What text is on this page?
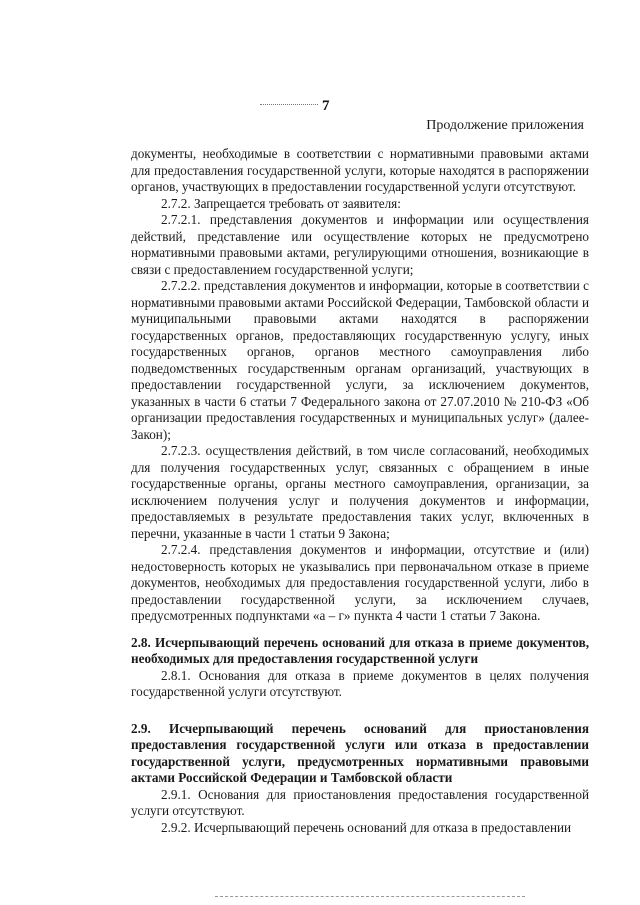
7
Продолжение приложения

документы, необходимые в соответствии с нормативными правовыми актами для предоставления государственной услуги, которые находятся в распоряжении органов, участвующих в предоставлении государственной услуги отсутствуют.

2.7.2. Запрещается требовать от заявителя:

2.7.2.1. представления документов и информации или осуществления действий, представление или осуществление которых не предусмотрено нормативными правовыми актами, регулирующими отношения, возникающие в связи с предоставлением государственной услуги;

2.7.2.2. представления документов и информации, которые в соответствии с нормативными правовыми актами Российской Федерации, Тамбовской области и муниципальными правовыми актами находятся в распоряжении государственных органов, предоставляющих государственную услугу, иных государственных органов, органов местного самоуправления либо подведомственных государственным органам организаций, участвующих в предоставлении государственной услуги, за исключением документов, указанных в части 6 статьи 7 Федерального закона от 27.07.2010 № 210-ФЗ «Об организации предоставления государственных и муниципальных услуг» (далее- Закон);

2.7.2.3. осуществления действий, в том числе согласований, необходимых для получения государственных услуг, связанных с обращением в иные государственные органы, органы местного самоуправления, организации, за исключением получения услуг и получения документов и информации, предоставляемых в результате предоставления таких услуг, включенных в перечни, указанные в части 1 статьи 9 Закона;

2.7.2.4. представления документов и информации, отсутствие и (или) недостоверность которых не указывались при первоначальном отказе в приеме документов, необходимых для предоставления государственной услуги, либо в предоставлении государственной услуги, за исключением случаев, предусмотренных подпунктами «а – г» пункта 4 части 1 статьи 7 Закона.

2.8. Исчерпывающий перечень оснований для отказа в приеме документов, необходимых для предоставления государственной услуги

2.8.1. Основания для отказа в приеме документов в целях получения государственной услуги отсутствуют.

2.9. Исчерпывающий перечень оснований для приостановления предоставления государственной услуги или отказа в предоставлении государственной услуги, предусмотренных нормативными правовыми актами Российской Федерации и Тамбовской области

2.9.1. Основания для приостановления предоставления государственной услуги отсутствуют.

2.9.2. Исчерпывающий перечень оснований для отказа в предоставлении
